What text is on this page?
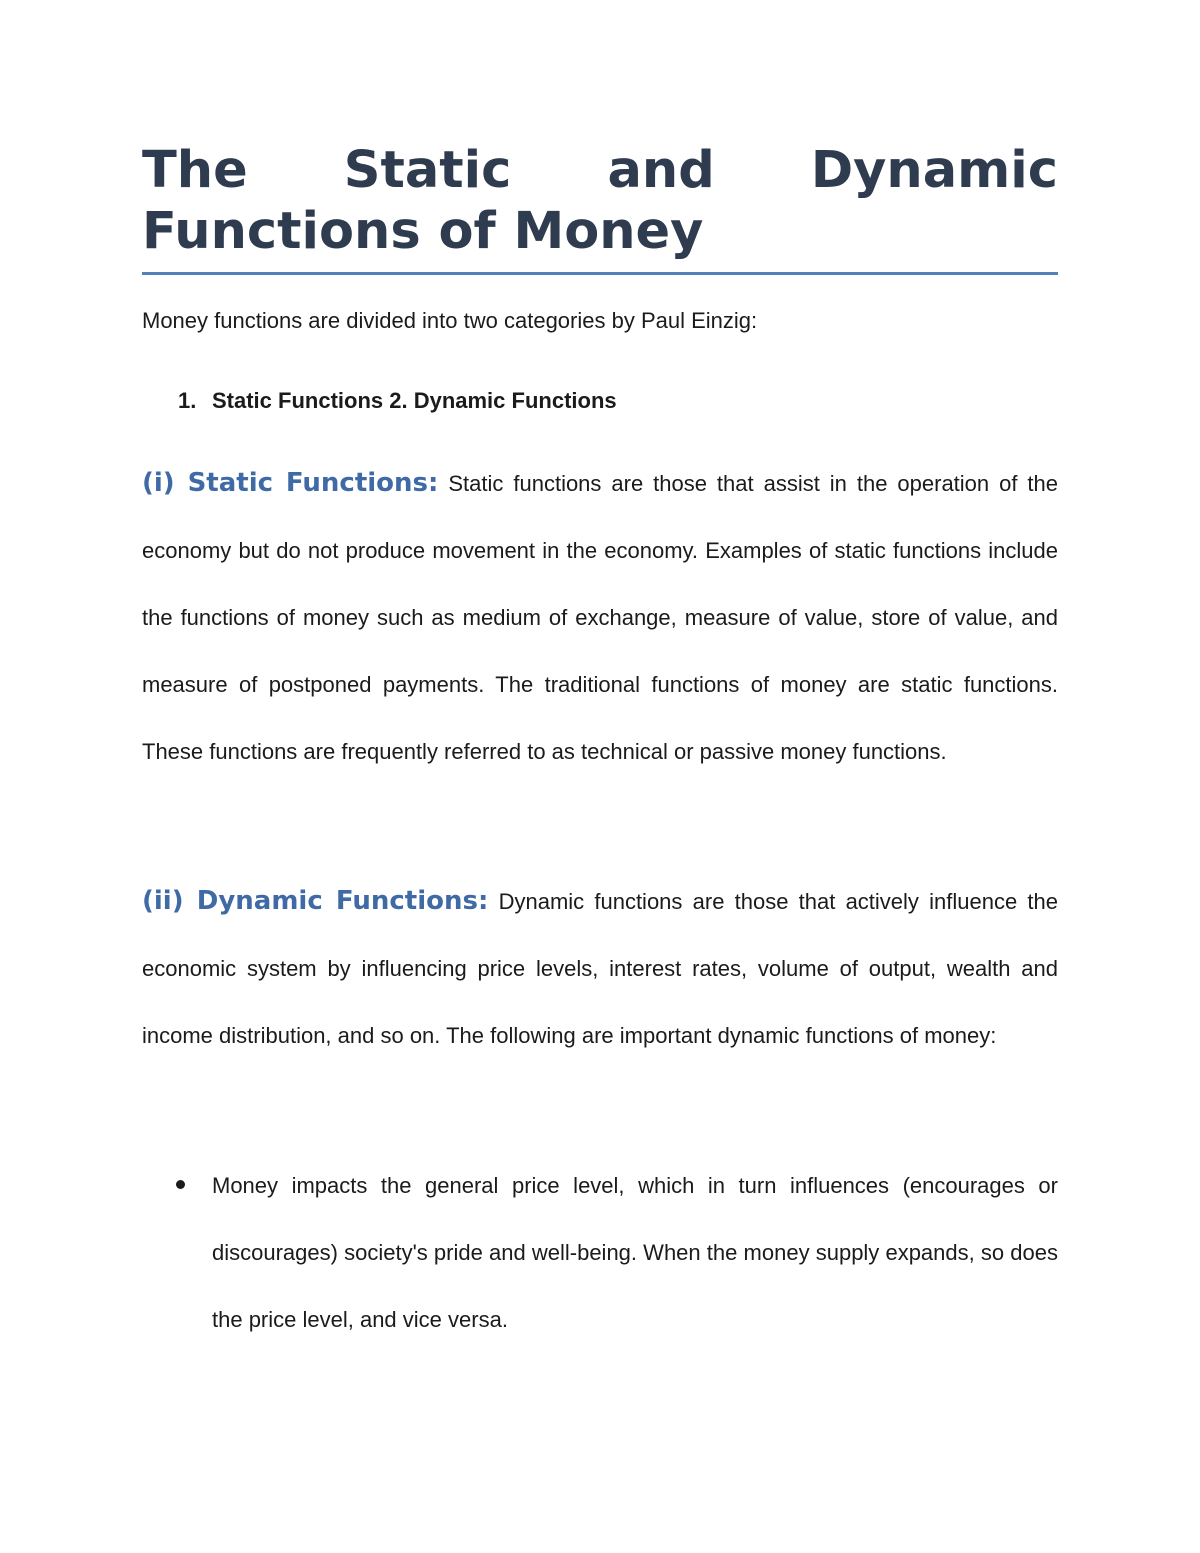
The Static and Dynamic
Functions of Money

Money functions are divided into two categories by Paul Einzig:

1. Static Functions 2. Dynamic Functions

(i) Static Functions: Static functions are those that assist in the operation of the economy but do not produce movement in the economy. Examples of static functions include the functions of money such as medium of exchange, measure of value, store of value, and measure of postponed payments. The traditional functions of money are static functions. These functions are frequently referred to as technical or passive money functions.

(ii) Dynamic Functions: Dynamic functions are those that actively influence the economic system by influencing price levels, interest rates, volume of output, wealth and income distribution, and so on. The following are important dynamic functions of money:

Money impacts the general price level, which in turn influences (encourages or discourages) society's pride and well-being. When the money supply expands, so does the price level, and vice versa.
